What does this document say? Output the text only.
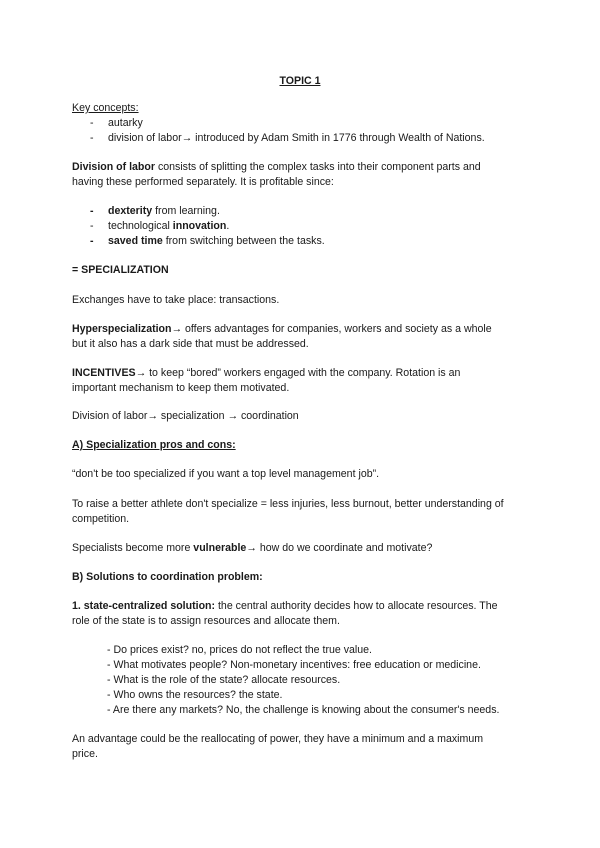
TOPIC 1
Key concepts:
- autarky
- division of labor→ introduced by Adam Smith in 1776 through Wealth of Nations.
Division of labor consists of splitting the complex tasks into their component parts and
having these performed separately. It is profitable since:
- dexterity from learning.
- technological innovation.
- saved time from switching between the tasks.
= SPECIALIZATION
Exchanges have to take place: transactions.
Hyperspecialization→ offers advantages for companies, workers and society as a whole
but it also has a dark side that must be addressed.
INCENTIVES→ to keep “bored” workers engaged with the company. Rotation is an
important mechanism to keep them motivated.
Division of labor→ specialization → coordination
A) Specialization pros and cons:
“don't be too specialized if you want a top level management job”.
To raise a better athlete don't specialize = less injuries, less burnout, better understanding of
competition.
Specialists become more vulnerable→ how do we coordinate and motivate?
B) Solutions to coordination problem:
1. state-centralized solution: the central authority decides how to allocate resources. The
role of the state is to assign resources and allocate them.
- Do prices exist? no, prices do not reflect the true value.
- What motivates people? Non-monetary incentives: free education or medicine.
- What is the role of the state? allocate resources.
- Who owns the resources? the state.
- Are there any markets? No, the challenge is knowing about the consumer's needs.
An advantage could be the reallocating of power, they have a minimum and a maximum
price.
